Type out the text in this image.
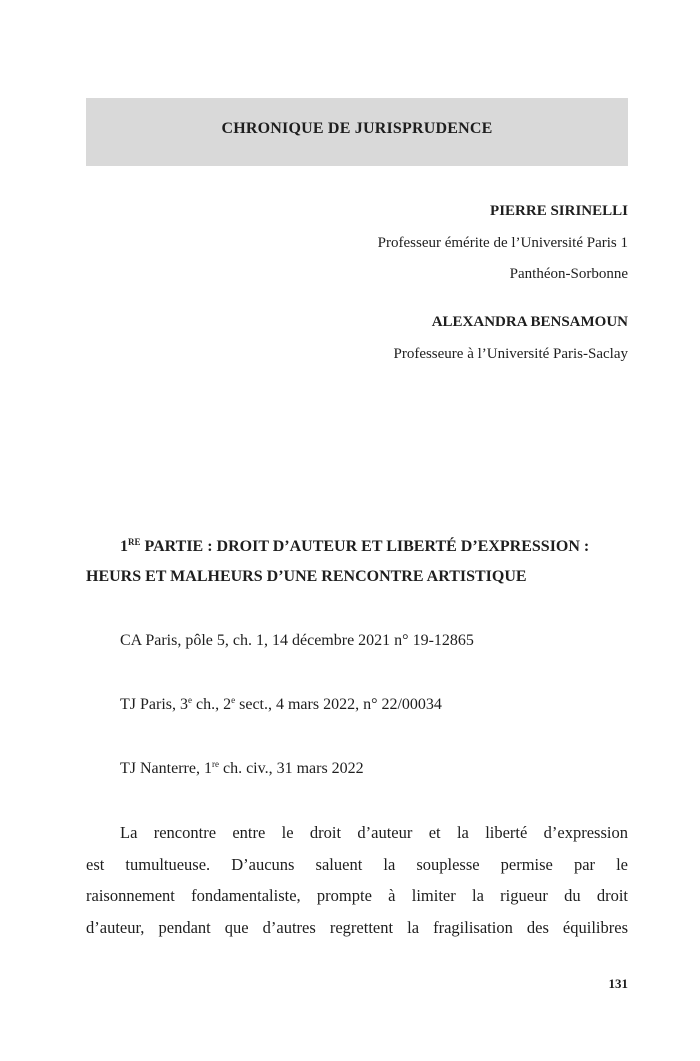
CHRONIQUE DE JURISPRUDENCE
PIERRE SIRINELLI
Professeur émérite de l’Université Paris 1
Panthéon-Sorbonne
ALEXANDRA BENSAMOUN
Professeure à l’Université Paris-Saclay
1RE PARTIE : DROIT D’AUTEUR ET LIBERTÉ D’EXPRESSION :
HEURS ET MALHEURS D’UNE RENCONTRE ARTISTIQUE
CA Paris, pôle 5, ch. 1, 14 décembre 2021 n° 19-12865
TJ Paris, 3e ch., 2e sect., 4 mars 2022, n° 22/00034
TJ Nanterre, 1re ch. civ., 31 mars 2022
La rencontre entre le droit d’auteur et la liberté d’expression
est tumultueuse. D’aucuns saluent la souplesse permise par le
raisonnement fondamentaliste, prompte à limiter la rigueur du droit
d’auteur, pendant que d’autres regrettent la fragilisation des équilibres
131
